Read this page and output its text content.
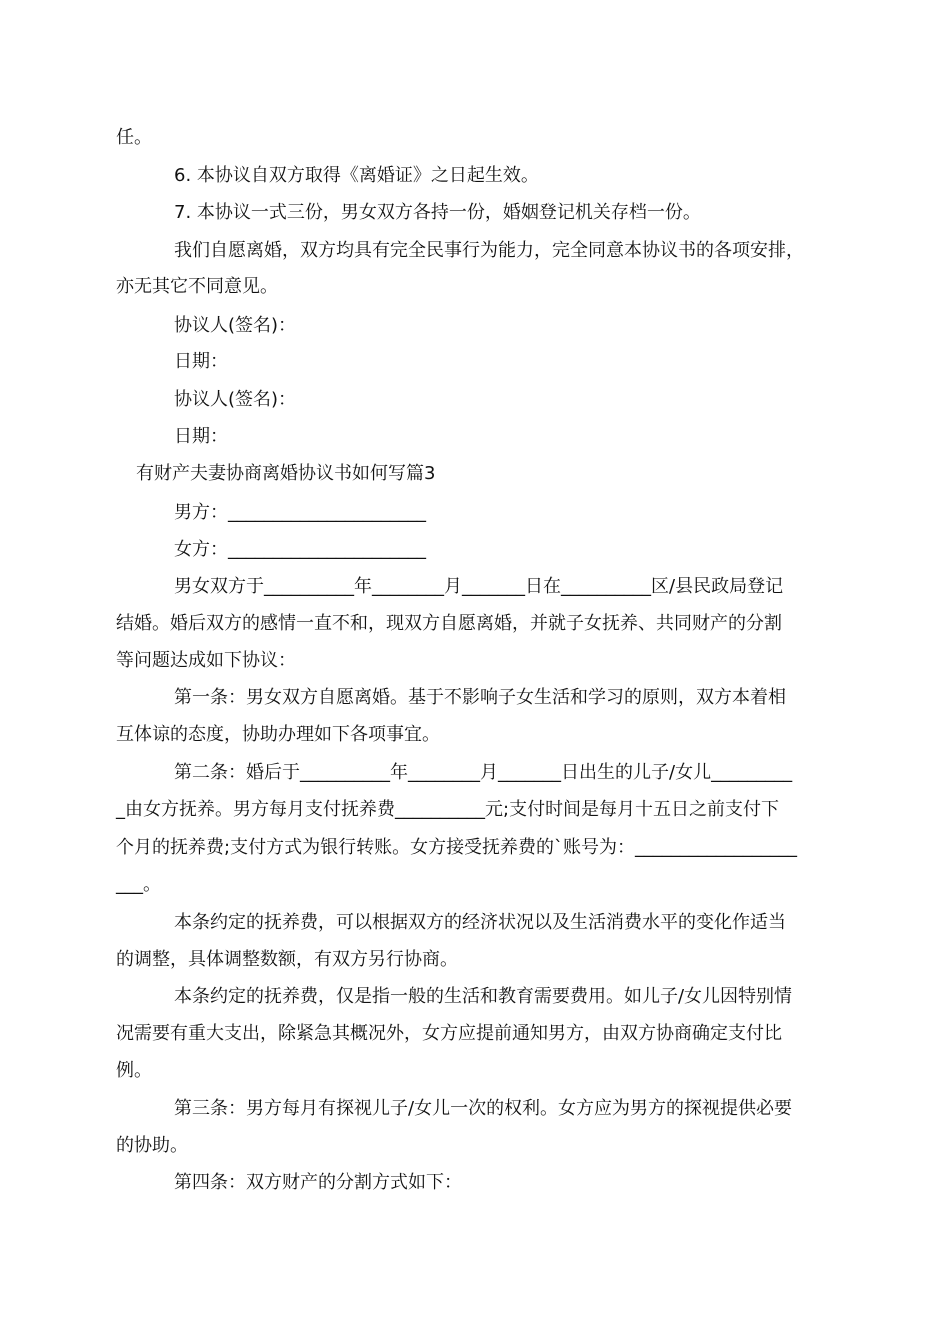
任。
6. 本协议自双方取得《离婚证》之日起生效。
7. 本协议一式三份，男女双方各持一份，婚姻登记机关存档一份。
我们自愿离婚，双方均具有完全民事行为能力，完全同意本协议书的各项安排，
亦无其它不同意见。
协议人(签名)：
日期：
协议人(签名)：
日期：
有财产夫妻协商离婚协议书如何写篇3
男方：______________________
女方：______________________
男女双方于__________年________月_______日在__________区/县民政局登记
结婚。婚后双方的感情一直不和，现双方自愿离婚，并就子女抚养、共同财产的分割
等问题达成如下协议：
第一条：男女双方自愿离婚。基于不影响子女生活和学习的原则，双方本着相
互体谅的态度，协助办理如下各项事宜。
第二条：婚后于__________年________月_______日出生的儿子/女儿_________
_由女方抚养。男方每月支付抚养费__________元;支付时间是每月十五日之前支付下
个月的抚养费;支付方式为银行转账。女方接受抚养费的`账号为：__________________
___。
本条约定的抚养费，可以根据双方的经济状况以及生活消费水平的变化作适当
的调整，具体调整数额，有双方另行协商。
本条约定的抚养费，仅是指一般的生活和教育需要费用。如儿子/女儿因特别情
况需要有重大支出，除紧急其概况外，女方应提前通知男方，由双方协商确定支付比
例。
第三条：男方每月有探视儿子/女儿一次的权利。女方应为男方的探视提供必要
的协助。
第四条：双方财产的分割方式如下：
